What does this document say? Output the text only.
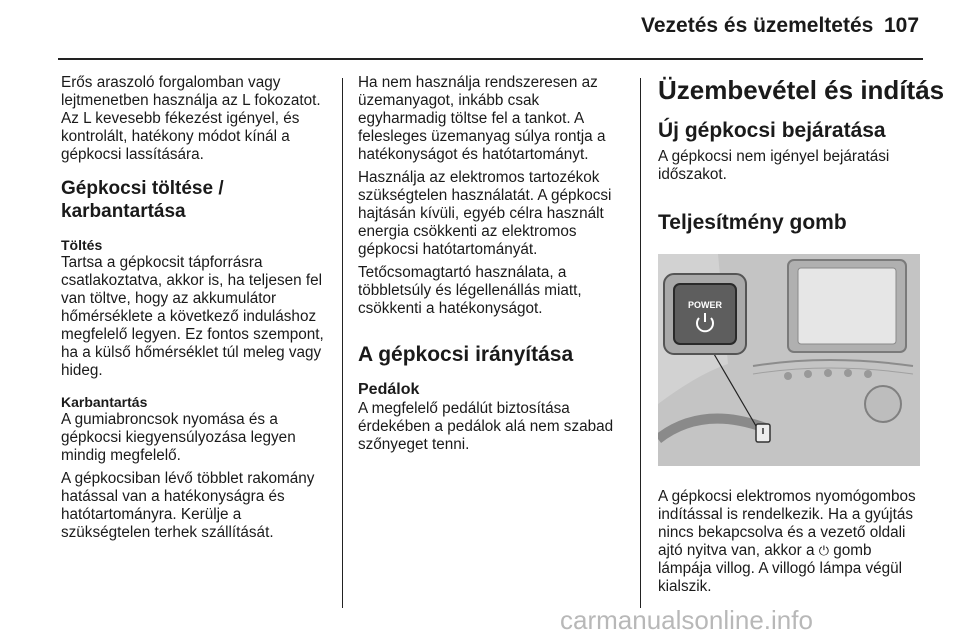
Vezetés és üzemeltetés 107

Erős araszoló forgalomban vagy lejtmenetben használja az L fokozatot. Az L kevesebb fékezést igényel, és kontrolált, hatékony módot kínál a gépkocsi lassítására.

Gépkocsi töltése / karbantartása
Töltés

Tartsa a gépkocsit tápforrásra csatlakoztatva, akkor is, ha teljesen fel van töltve, hogy az akkumulátor hőmérséklete a következő induláshoz megfelelő legyen. Ez fontos szempont, ha a külső hőmérséklet túl meleg vagy hideg.

Karbantartás

A gumiabroncsok nyomása és a gépkocsi kiegyensúlyozása legyen mindig megfelelő.

A gépkocsiban lévő többlet rakomány hatással van a hatékonyságra és hatótartományra. Kerülje a szükségtelen terhek szállítását.

Ha nem használja rendszeresen az üzemanyagot, inkább csak egyharmadig töltse fel a tankot. A felesleges üzemanyag súlya rontja a hatékonyságot és hatótartományt.

Használja az elektromos tartozékok szükségtelen használatát. A gépkocsi hajtásán kívüli, egyéb célra használt energia csökkenti az elektromos gépkocsi hatótartományát.

Tetőcsomagtartó használata, a többletsúly és légellenállás miatt, csökkenti a hatékonyságot.

A gépkocsi irányítása
Pedálok

A megfelelő pedálút biztosítása érdekében a pedálok alá nem szabad szőnyeget tenni.

Üzembevétel és indítás
Új gépkocsi bejáratása

A gépkocsi nem igényel bejáratási időszakot.

Teljesítmény gomb
POWER

A gépkocsi elektromos nyomógombos indítással is rendelkezik. Ha a gyújtás nincs bekapcsolva és a vezető oldali ajtó nyitva van, akkor a ⏻ gomb lámpája villog. A villogó lámpa végül kialszik.

carmanualsonline.info
